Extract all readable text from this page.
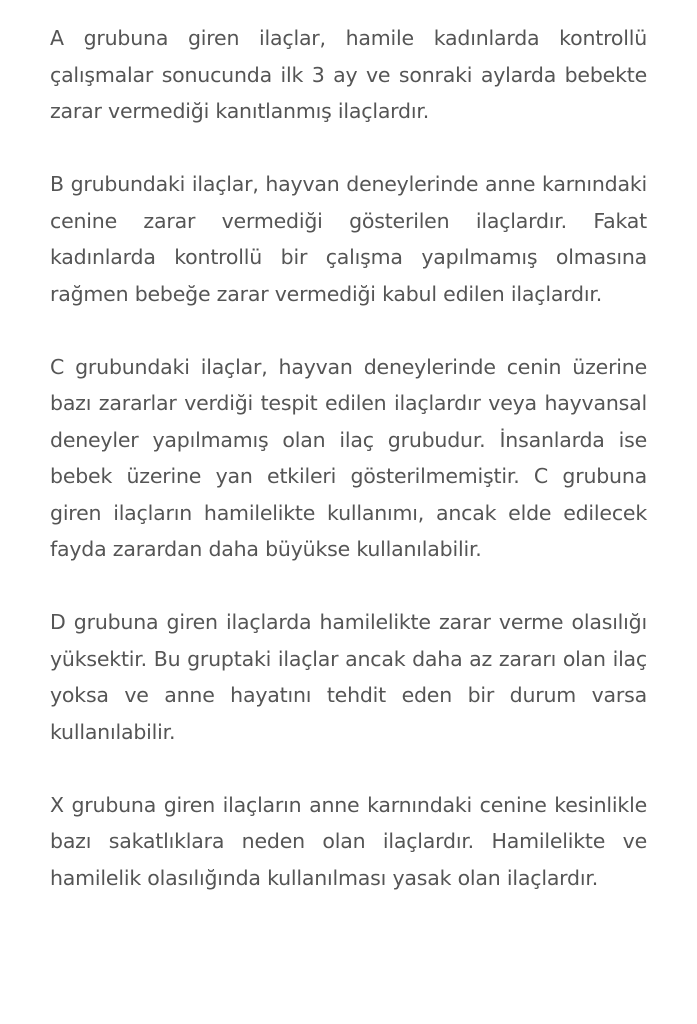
A grubuna giren ilaçlar, hamile kadınlarda kontrollü çalışmalar sonucunda ilk 3 ay ve sonraki aylarda bebekte zarar vermediği kanıtlanmış ilaçlardır.

B grubundaki ilaçlar, hayvan deneylerinde anne karnındaki cenine zarar vermediği gösterilen ilaçlardır. Fakat kadınlarda kontrollü bir çalışma yapılmamış olmasına rağmen bebeğe zarar vermediği kabul edilen ilaçlardır.

C grubundaki ilaçlar, hayvan deneylerinde cenin üzerine bazı zararlar verdiği tespit edilen ilaçlardır veya hayvansal deneyler yapılmamış olan ilaç grubudur. İnsanlarda ise bebek üzerine yan etkileri gösterilmemiştir. C grubuna giren ilaçların hamilelikte kullanımı, ancak elde edilecek fayda zarardan daha büyükse kullanılabilir.

D grubuna giren ilaçlarda hamilelikte zarar verme olasılığı yüksektir. Bu gruptaki ilaçlar ancak daha az zararı olan ilaç yoksa ve anne hayatını tehdit eden bir durum varsa kullanılabilir.

X grubuna giren ilaçların anne karnındaki cenine kesinlikle bazı sakatlıklara neden olan ilaçlardır. Hamilelikte ve hamilelik olasılığında kullanılması yasak olan ilaçlardır.
